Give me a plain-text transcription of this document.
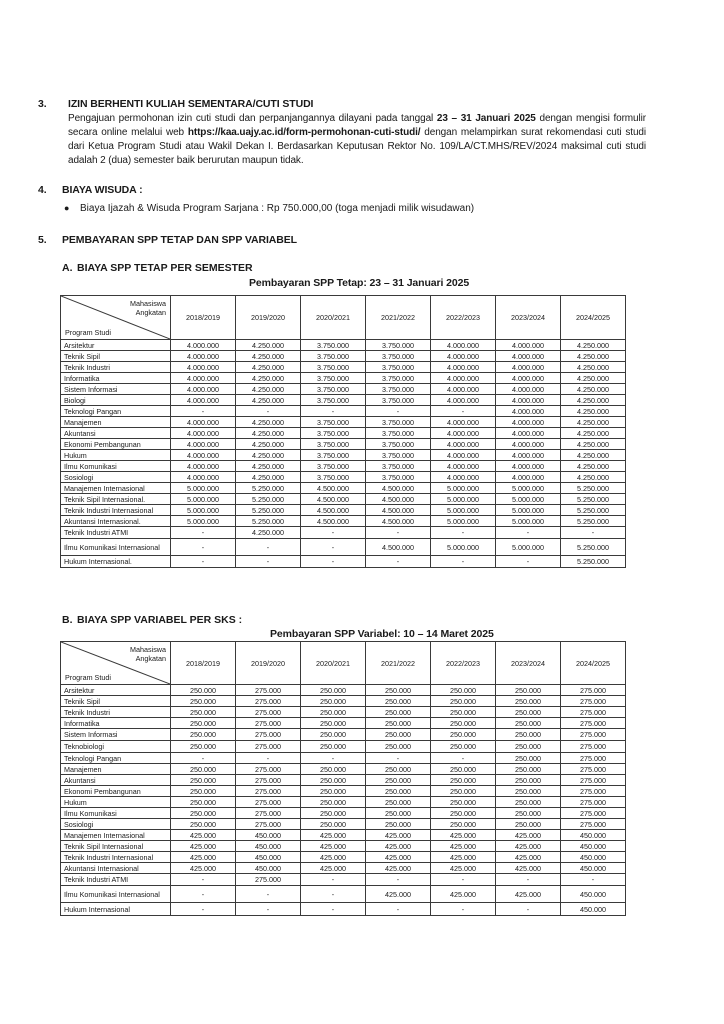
3. IZIN BERHENTI KULIAH SEMENTARA/CUTI STUDI
Pengajuan permohonan izin cuti studi dan perpanjangannya dilayani pada tanggal 23 – 31 Januari 2025 dengan mengisi formulir secara online melalui web https://kaa.uajy.ac.id/form-permohonan-cuti-studi/ dengan melampirkan surat rekomendasi cuti studi dari Ketua Program Studi atau Wakil Dekan I. Berdasarkan Keputusan Rektor No. 109/LA/CT.MHS/REV/2024 maksimal cuti studi adalah 2 (dua) semester baik berurutan maupun tidak.
4. BIAYA WISUDA :
● Biaya Ijazah & Wisuda Program Sarjana : Rp 750.000,00 (toga menjadi milik wisudawan)
5. PEMBAYARAN SPP TETAP DAN SPP VARIABEL
A. BIAYA SPP TETAP PER SEMESTER
Pembayaran SPP Tetap: 23 – 31 Januari 2025
Mahasiswa
Angkatan
Program Studi	2018/2019	2019/2020	2020/2021	2021/2022	2022/2023	2023/2024	2024/2025
Arsitektur	4.000.000	4.250.000	3.750.000	3.750.000	4.000.000	4.000.000	4.250.000
Teknik Sipil	4.000.000	4.250.000	3.750.000	3.750.000	4.000.000	4.000.000	4.250.000
Teknik Industri	4.000.000	4.250.000	3.750.000	3.750.000	4.000.000	4.000.000	4.250.000
Informatika	4.000.000	4.250.000	3.750.000	3.750.000	4.000.000	4.000.000	4.250.000
Sistem Informasi	4.000.000	4.250.000	3.750.000	3.750.000	4.000.000	4.000.000	4.250.000
Biologi	4.000.000	4.250.000	3.750.000	3.750.000	4.000.000	4.000.000	4.250.000
Teknologi Pangan	-	-	-	-	-	4.000.000	4.250.000
Manajemen	4.000.000	4.250.000	3.750.000	3.750.000	4.000.000	4.000.000	4.250.000
Akuntansi	4.000.000	4.250.000	3.750.000	3.750.000	4.000.000	4.000.000	4.250.000
Ekonomi Pembangunan	4.000.000	4.250.000	3.750.000	3.750.000	4.000.000	4.000.000	4.250.000
Hukum	4.000.000	4.250.000	3.750.000	3.750.000	4.000.000	4.000.000	4.250.000
Ilmu Komunikasi	4.000.000	4.250.000	3.750.000	3.750.000	4.000.000	4.000.000	4.250.000
Sosiologi	4.000.000	4.250.000	3.750.000	3.750.000	4.000.000	4.000.000	4.250.000
Manajemen Internasional	5.000.000	5.250.000	4.500.000	4.500.000	5.000.000	5.000.000	5.250.000
Teknik Sipil Internasional.	5.000.000	5.250.000	4.500.000	4.500.000	5.000.000	5.000.000	5.250.000
Teknik Industri Internasional	5.000.000	5.250.000	4.500.000	4.500.000	5.000.000	5.000.000	5.250.000
Akuntansi Internasional.	5.000.000	5.250.000	4.500.000	4.500.000	5.000.000	5.000.000	5.250.000
Teknik Industri ATMI	-	4.250.000	-	-	-	-	-
Ilmu Komunikasi Internasional	-	-	-	4.500.000	5.000.000	5.000.000	5.250.000
Hukum Internasional.	-	-	-	-	-	-	5.250.000
B. BIAYA SPP VARIABEL PER SKS :
Pembayaran SPP Variabel: 10 – 14 Maret 2025
Mahasiswa
Angkatan
Program Studi	2018/2019	2019/2020	2020/2021	2021/2022	2022/2023	2023/2024	2024/2025
Arsitektur	250.000	275.000	250.000	250.000	250.000	250.000	275.000
Teknik Sipil	250.000	275.000	250.000	250.000	250.000	250.000	275.000
Teknik Industri	250.000	275.000	250.000	250.000	250.000	250.000	275.000
Informatika	250.000	275.000	250.000	250.000	250.000	250.000	275.000
Sistem Informasi	250.000	275.000	250.000	250.000	250.000	250.000	275.000
Teknobiologi	250.000	275.000	250.000	250.000	250.000	250.000	275.000
Teknologi Pangan	-	-	-	-	-	250.000	275.000
Manajemen	250.000	275.000	250.000	250.000	250.000	250.000	275.000
Akuntansi	250.000	275.000	250.000	250.000	250.000	250.000	275.000
Ekonomi Pembangunan	250.000	275.000	250.000	250.000	250.000	250.000	275.000
Hukum	250.000	275.000	250.000	250.000	250.000	250.000	275.000
Ilmu Komunikasi	250.000	275.000	250.000	250.000	250.000	250.000	275.000
Sosiologi	250.000	275.000	250.000	250.000	250.000	250.000	275.000
Manajemen Internasional	425.000	450.000	425.000	425.000	425.000	425.000	450.000
Teknik Sipil Internasional	425.000	450.000	425.000	425.000	425.000	425.000	450.000
Teknik Industri Internasional	425.000	450.000	425.000	425.000	425.000	425.000	450.000
Akuntansi Internasional	425.000	450.000	425.000	425.000	425.000	425.000	450.000
Teknik Industri ATMI	-	275.000	-	-	-	-	-
Ilmu Komunikasi Internasional	-	-	-	425.000	425.000	425.000	450.000
Hukum Internasional	-	-	-	-	-	-	450.000
